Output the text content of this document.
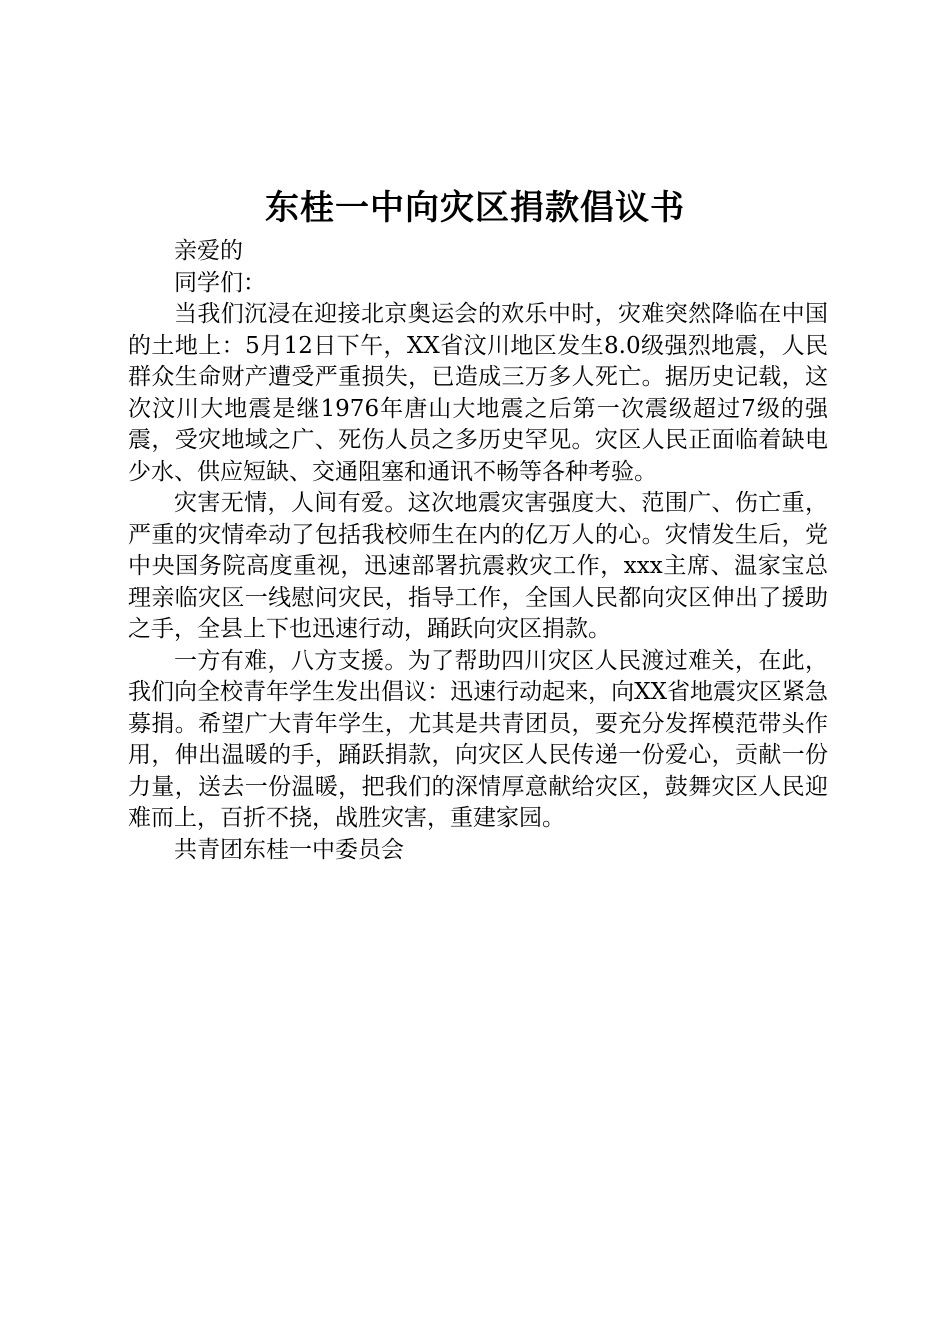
东桂一中向灾区捐款倡议书

亲爱的

同学们：

当我们沉浸在迎接北京奥运会的欢乐中时，灾难突然降临在中国的土地上：5月12日下午，XX省汶川地区发生8.0级强烈地震，人民群众生命财产遭受严重损失，已造成三万多人死亡。据历史记载，这次汶川大地震是继1976年唐山大地震之后第一次震级超过7级的强震，受灾地域之广、死伤人员之多历史罕见。灾区人民正面临着缺电少水、供应短缺、交通阻塞和通讯不畅等各种考验。

灾害无情，人间有爱。这次地震灾害强度大、范围广、伤亡重，严重的灾情牵动了包括我校师生在内的亿万人的心。灾情发生后，党中央国务院高度重视，迅速部署抗震救灾工作，xxx主席、温家宝总理亲临灾区一线慰问灾民，指导工作，全国人民都向灾区伸出了援助之手，全县上下也迅速行动，踊跃向灾区捐款。

一方有难，八方支援。为了帮助四川灾区人民渡过难关，在此，我们向全校青年学生发出倡议：迅速行动起来，向XX省地震灾区紧急募捐。希望广大青年学生，尤其是共青团员，要充分发挥模范带头作用，伸出温暖的手，踊跃捐款，向灾区人民传递一份爱心，贡献一份力量，送去一份温暖，把我们的深情厚意献给灾区，鼓舞灾区人民迎难而上，百折不挠，战胜灾害，重建家园。

共青团东桂一中委员会
